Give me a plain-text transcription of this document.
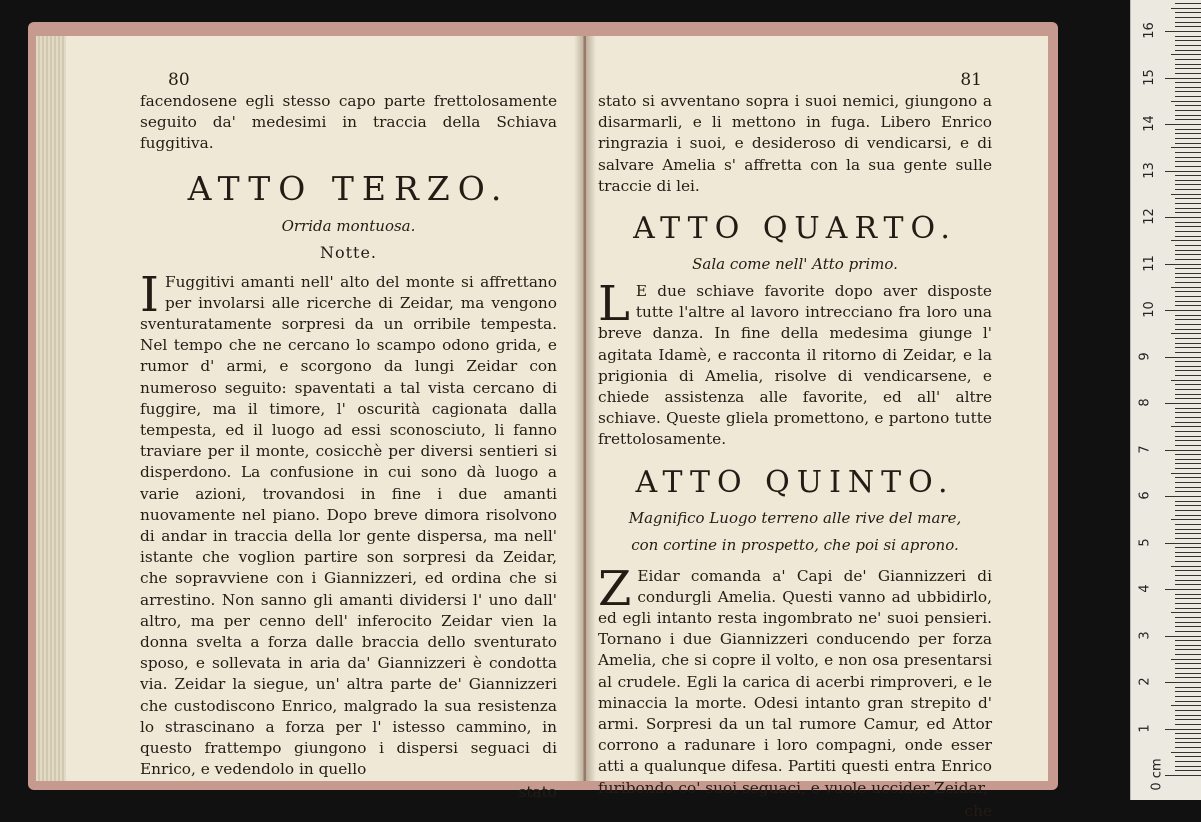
80

facendosene egli stesso capo parte frettolosamente seguito da' medesimi in traccia della Schiava fuggitiva.

ATTO TERZO.
Orrida montuosa.
Notte.

I Fuggitivi amanti nell' alto del monte si affrettano per involarsi alle ricerche di Zeidar, ma vengono sventuratamente sorpresi da un orribile tempesta. Nel tempo che ne cercano lo scampo odono grida, e rumor d' armi, e scorgono da lungi Zeidar con numeroso seguito: spaventati a tal vista cercano di fuggire, ma il timore, l' oscurità cagionata dalla tempesta, ed il luogo ad essi sconosciuto, li fanno traviare per il monte, cosicchè per diversi sentieri si disperdono. La confusione in cui sono dà luogo a varie azioni, trovandosi in fine i due amanti nuovamente nel piano. Dopo breve dimora risolvono di andar in traccia della lor gente dispersa, ma nell' istante che voglion partire son sorpresi da Zeidar, che sopravviene con i Giannizzeri, ed ordina che si arrestino. Non sanno gli amanti dividersi l' uno dall' altro, ma per cenno dell' inferocito Zeidar vien la donna svelta a forza dalle braccia dello sventurato sposo, e sollevata in aria da' Giannizzeri è condotta via. Zeidar la siegue, un' altra parte de' Giannizzeri che custodiscono Enrico, malgrado la sua resistenza lo strascinano a forza per l' istesso cammino, in questo frattempo giungono i dispersi seguaci di Enrico, e vedendolo in quello

stato

81

stato si avventano sopra i suoi nemici, giungono a disarmarli, e li mettono in fuga. Libero Enrico ringrazia i suoi, e desideroso di vendicarsi, e di salvare Amelia s' affretta con la sua gente sulle traccie di lei.

ATTO QUARTO.
Sala come nell' Atto primo.

L E due schiave favorite dopo aver disposte tutte l'altre al lavoro intrecciano fra loro una breve danza. In fine della medesima giunge l' agitata Idamè, e racconta il ritorno di Zeidar, e la prigionia di Amelia, risolve di vendicarsene, e chiede assistenza alle favorite, ed all' altre schiave. Queste gliela promettono, e partono tutte frettolosamente.

ATTO QUINTO.
Magnifico Luogo terreno alle rive del mare,
con cortine in prospetto, che poi si aprono.

Z Eidar comanda a' Capi de' Giannizzeri di condurgli Amelia. Questi vanno ad ubbidirlo, ed egli intanto resta ingombrato ne' suoi pensieri. Tornano i due Giannizzeri conducendo per forza Amelia, che si copre il volto, e non osa presentarsi al crudele. Egli la carica di acerbi rimproveri, e le minaccia la morte. Odesi intanto gran strepito d' armi. Sorpresi da un tal rumore Camur, ed Attor corrono a radunare i loro compagni, onde esser atti a qualunque difesa. Partiti questi entra Enrico furibondo co' suoi seguaci, e vuole uccider Zeidar,

che

0 cm
1
2
3
4
5
6
7
8
9
10
11
12
13
14
15
16
